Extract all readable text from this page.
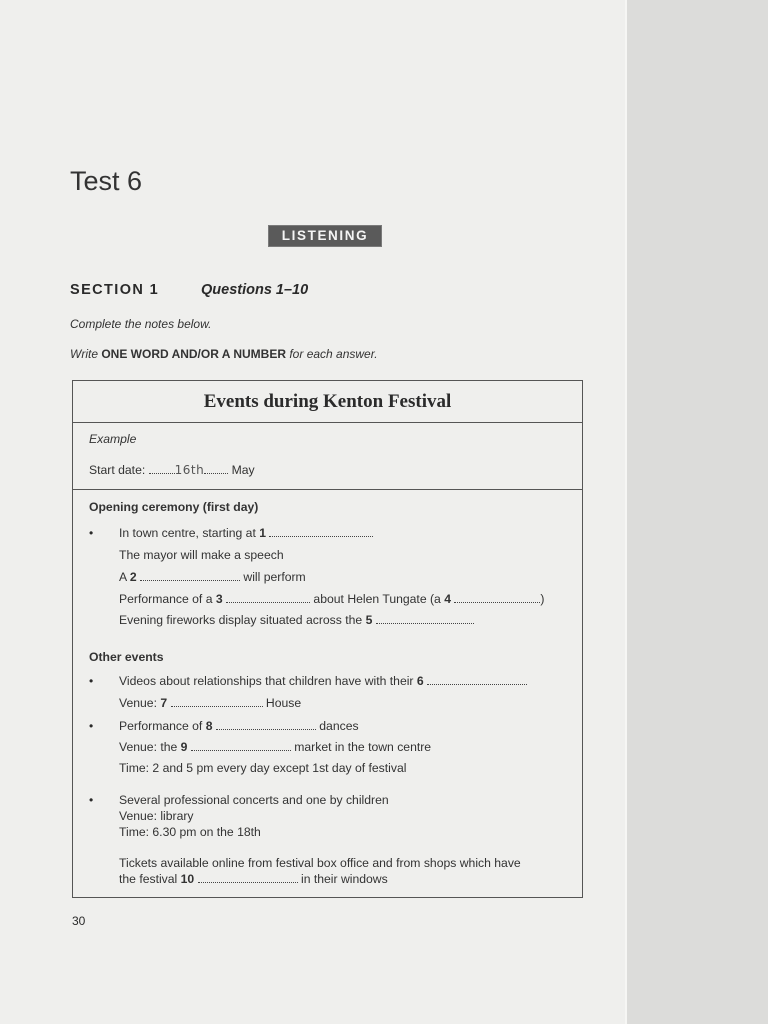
Test 6
LISTENING
SECTION 1	Questions 1–10
Complete the notes below.
Write ONE WORD AND/OR A NUMBER for each answer.
Events during Kenton Festival
Example
Start date: 16th May
Opening ceremony (first day)
• In town centre, starting at 1
The mayor will make a speech
A 2	will perform
Performance of a 3	about Helen Tungate (a 4	)
Evening fireworks display situated across the 5
Other events
• Videos about relationships that children have with their 6
Venue: 7	House
• Performance of 8	dances
Venue: the 9	market in the town centre
Time: 2 and 5 pm every day except 1st day of festival
• Several professional concerts and one by children
Venue: library
Time: 6.30 pm on the 18th
Tickets available online from festival box office and from shops which have
the festival 10	in their windows
30
